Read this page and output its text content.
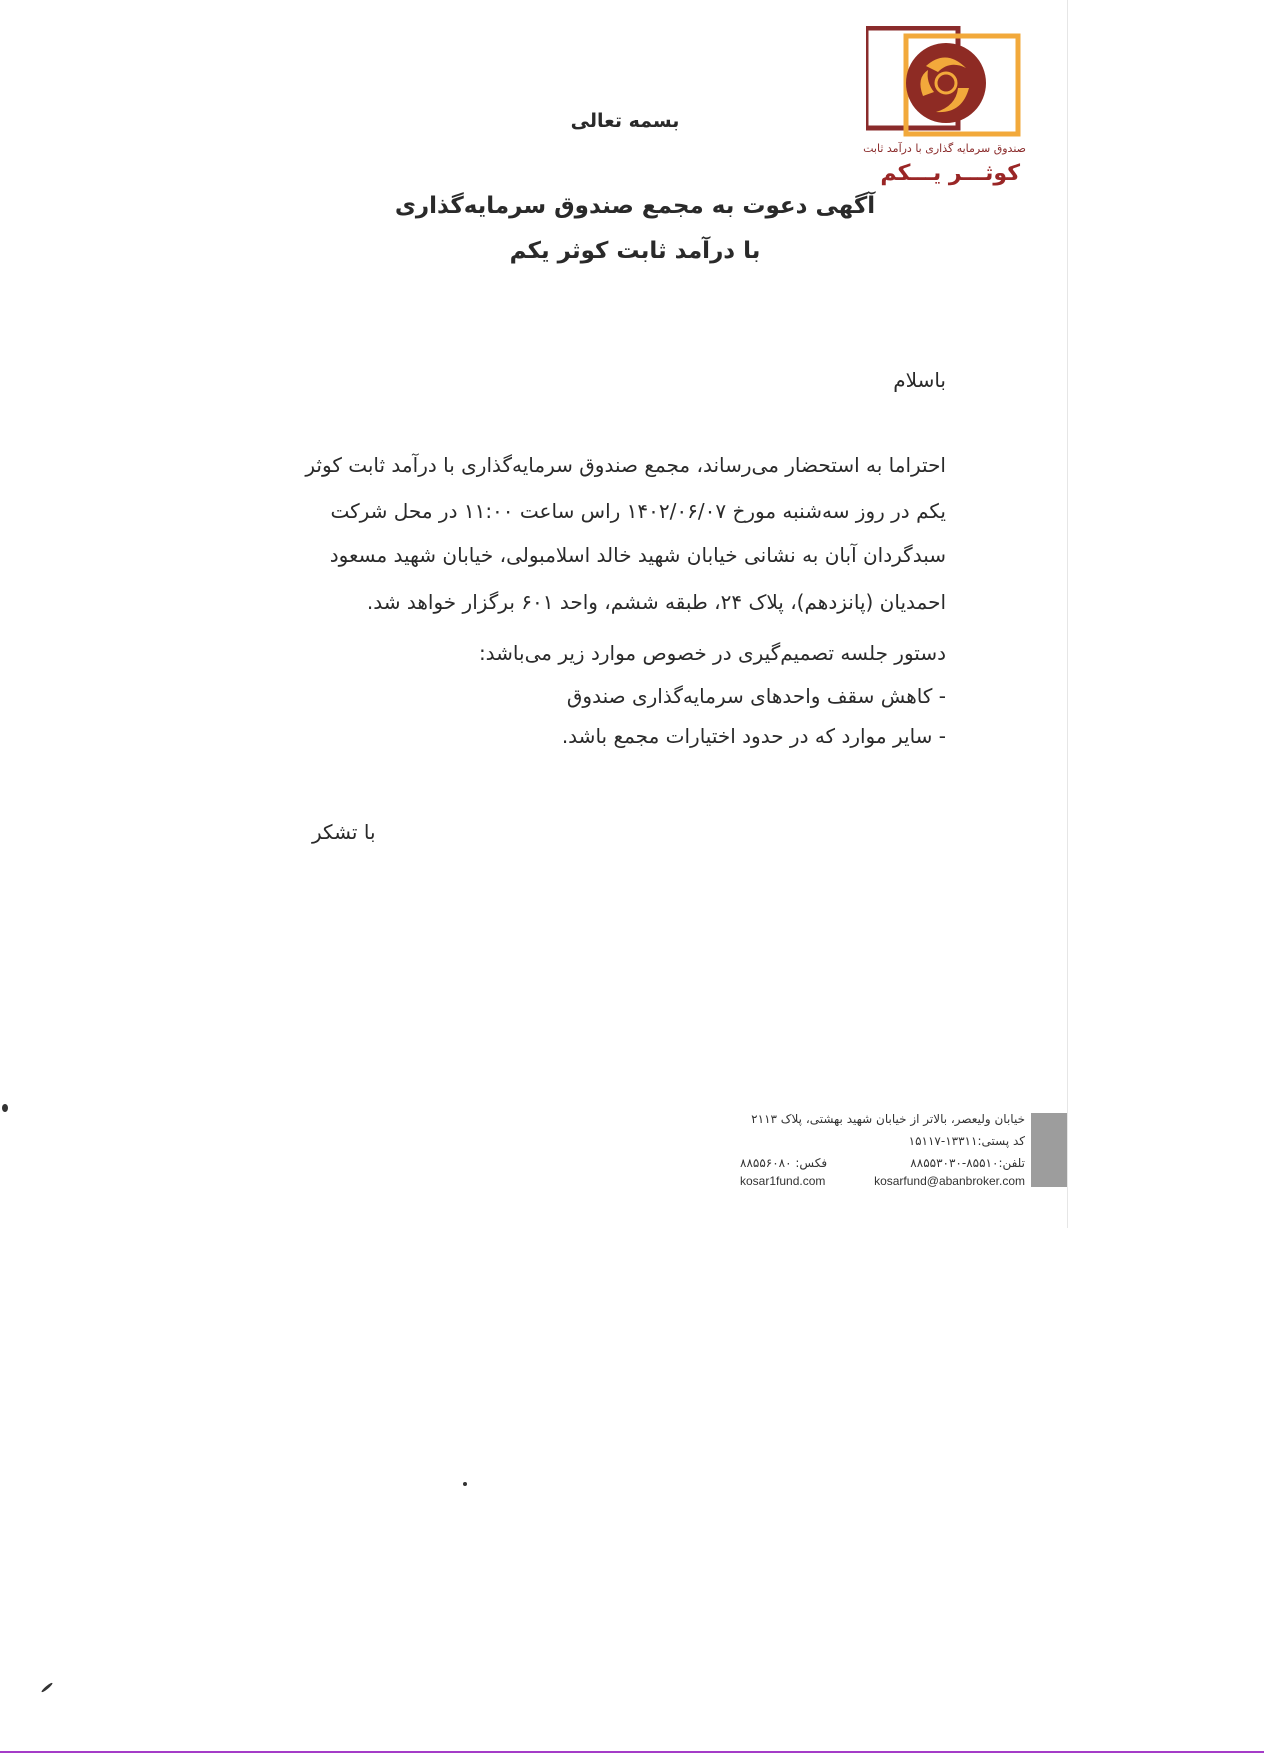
صندوق سرمایه گذاری با درآمد ثابت
کوثـــر یـــکم
بسمه تعالی
آگهی دعوت به مجمع صندوق سرمایه‌گذاری
با درآمد ثابت کوثر یکم
باسلام
احتراما به استحضار می‌رساند، مجمع صندوق سرمایه‌گذاری با درآمد ثابت کوثر
یکم در روز سه‌شنبه مورخ ۱۴۰۲/۰۶/۰۷ راس ساعت ۱۱:۰۰ در محل شرکت
سبدگردان آبان به نشانی خیابان شهید خالد اسلامبولی، خیابان شهید مسعود
احمدیان (پانزدهم)، پلاک ۲۴، طبقه ششم، واحد ۶۰۱ برگزار خواهد شد.
دستور جلسه تصمیم‌گیری در خصوص موارد زیر می‌باشد:
- کاهش سقف واحدهای سرمایه‌گذاری صندوق
- سایر موارد که در حدود اختیارات مجمع باشد.
با تشکر
خیابان ولیعصر، بالاتر از خیابان شهید بهشتی، پلاک ۲۱۱۳
کد پستی:۱۳۳۱۱-۱۵۱۱۷
تلفن:۸۵۵۱۰-۸۸۵۵۳۰۳۰
فکس: ۸۸۵۵۶۰۸۰
kosarfund@abanbroker.com
kosar1fund.com
